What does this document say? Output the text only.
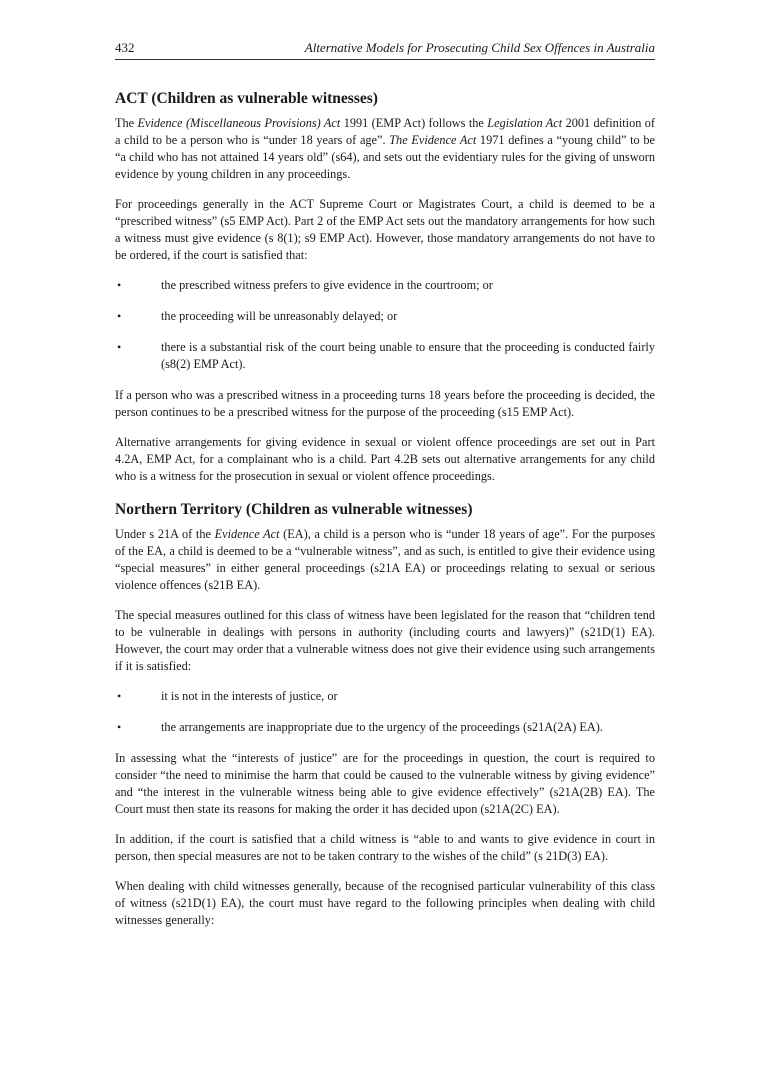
432	Alternative Models for Prosecuting Child Sex Offences in Australia
ACT (Children as vulnerable witnesses)

The Evidence (Miscellaneous Provisions) Act 1991 (EMP Act) follows the Legislation Act 2001 definition of a child to be a person who is “under 18 years of age”. The Evidence Act 1971 defines a “young child” to be “a child who has not attained 14 years old” (s64), and sets out the evidentiary rules for the giving of unsworn evidence by young children in any proceedings.

For proceedings generally in the ACT Supreme Court or Magistrates Court, a child is deemed to be a “prescribed witness” (s5 EMP Act). Part 2 of the EMP Act sets out the mandatory arrangements for how such a witness must give evidence (s 8(1); s9 EMP Act). However, those mandatory arrangements do not have to be ordered, if the court is satisfied that:

•	the prescribed witness prefers to give evidence in the courtroom; or
•	the proceeding will be unreasonably delayed; or
•	there is a substantial risk of the court being unable to ensure that the proceeding is conducted fairly (s8(2) EMP Act).

If a person who was a prescribed witness in a proceeding turns 18 years before the proceeding is decided, the person continues to be a prescribed witness for the purpose of the proceeding (s15 EMP Act).

Alternative arrangements for giving evidence in sexual or violent offence proceedings are set out in Part 4.2A, EMP Act, for a complainant who is a child. Part 4.2B sets out alternative arrangements for any child who is a witness for the prosecution in sexual or violent offence proceedings.

Northern Territory (Children as vulnerable witnesses)

Under s 21A of the Evidence Act (EA), a child is a person who is “under 18 years of age”. For the purposes of the EA, a child is deemed to be a “vulnerable witness”, and as such, is entitled to give their evidence using “special measures” in either general proceedings (s21A EA) or proceedings relating to sexual or serious violence offences (s21B EA).

The special measures outlined for this class of witness have been legislated for the reason that “children tend to be vulnerable in dealings with persons in authority (including courts and lawyers)” (s21D(1) EA). However, the court may order that a vulnerable witness does not give their evidence using such arrangements if it is satisfied:

•	it is not in the interests of justice, or
•	the arrangements are inappropriate due to the urgency of the proceedings (s21A(2A) EA).

In assessing what the “interests of justice” are for the proceedings in question, the court is required to consider “the need to minimise the harm that could be caused to the vulnerable witness by giving evidence” and “the interest in the vulnerable witness being able to give evidence effectively” (s21A(2B) EA). The Court must then state its reasons for making the order it has decided upon (s21A(2C) EA).

In addition, if the court is satisfied that a child witness is “able to and wants to give evidence in court in person, then special measures are not to be taken contrary to the wishes of the child” (s 21D(3) EA).

When dealing with child witnesses generally, because of the recognised particular vulnerability of this class of witness (s21D(1) EA), the court must have regard to the following principles when dealing with child witnesses generally:
